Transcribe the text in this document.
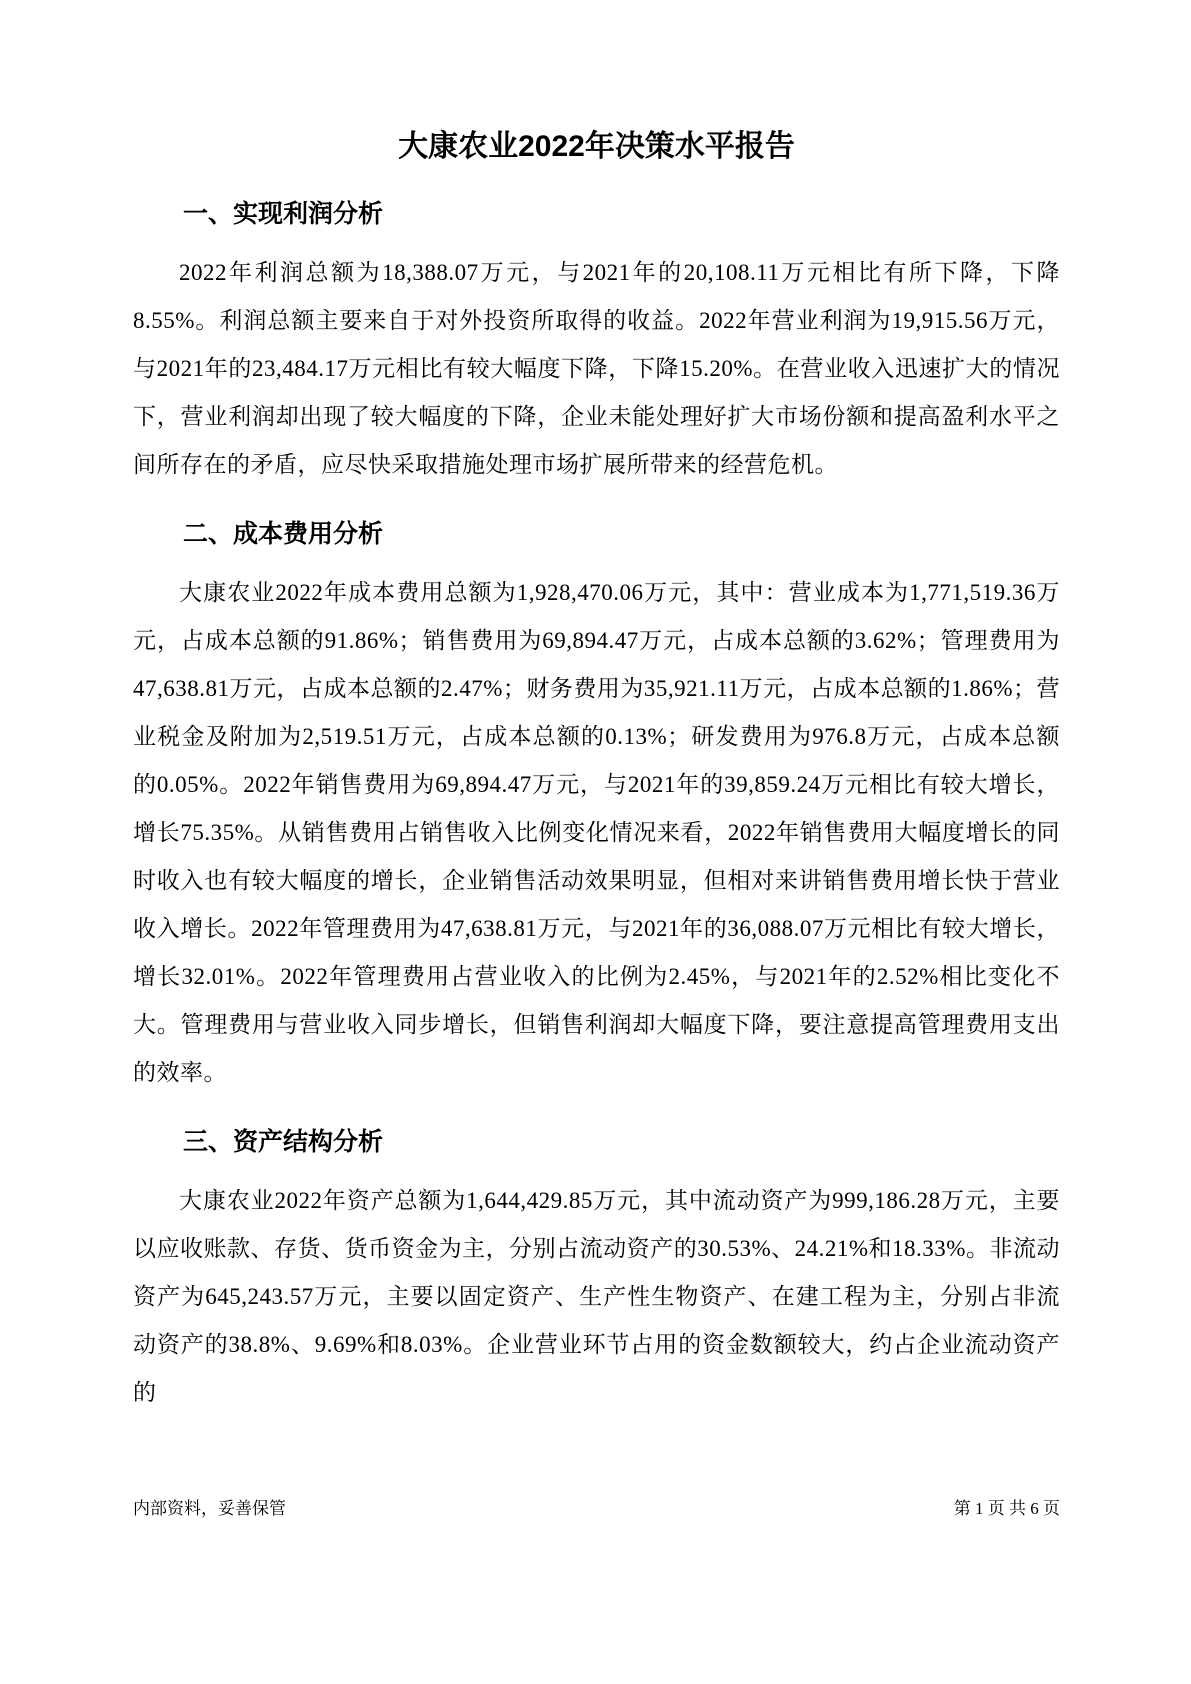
大康农业2022年决策水平报告
一、实现利润分析

2022年利润总额为18,388.07万元，与2021年的20,108.11万元相比有所下降，下降8.55%。利润总额主要来自于对外投资所取得的收益。2022年营业利润为19,915.56万元，与2021年的23,484.17万元相比有较大幅度下降，下降15.20%。在营业收入迅速扩大的情况下，营业利润却出现了较大幅度的下降，企业未能处理好扩大市场份额和提高盈利水平之间所存在的矛盾，应尽快采取措施处理市场扩展所带来的经营危机。

二、成本费用分析

大康农业2022年成本费用总额为1,928,470.06万元，其中：营业成本为1,771,519.36万元，占成本总额的91.86%；销售费用为69,894.47万元，占成本总额的3.62%；管理费用为47,638.81万元，占成本总额的2.47%；财务费用为35,921.11万元，占成本总额的1.86%；营业税金及附加为2,519.51万元，占成本总额的0.13%；研发费用为976.8万元，占成本总额的0.05%。2022年销售费用为69,894.47万元，与2021年的39,859.24万元相比有较大增长，增长75.35%。从销售费用占销售收入比例变化情况来看，2022年销售费用大幅度增长的同时收入也有较大幅度的增长，企业销售活动效果明显，但相对来讲销售费用增长快于营业收入增长。2022年管理费用为47,638.81万元，与2021年的36,088.07万元相比有较大增长，增长32.01%。2022年管理费用占营业收入的比例为2.45%，与2021年的2.52%相比变化不大。管理费用与营业收入同步增长，但销售利润却大幅度下降，要注意提高管理费用支出的效率。

三、资产结构分析

大康农业2022年资产总额为1,644,429.85万元，其中流动资产为999,186.28万元，主要以应收账款、存货、货币资金为主，分别占流动资产的30.53%、24.21%和18.33%。非流动资产为645,243.57万元，主要以固定资产、生产性生物资产、在建工程为主，分别占非流动资产的38.8%、9.69%和8.03%。企业营业环节占用的资金数额较大，约占企业流动资产的

内部资料，妥善保管	第 1 页 共 6 页
